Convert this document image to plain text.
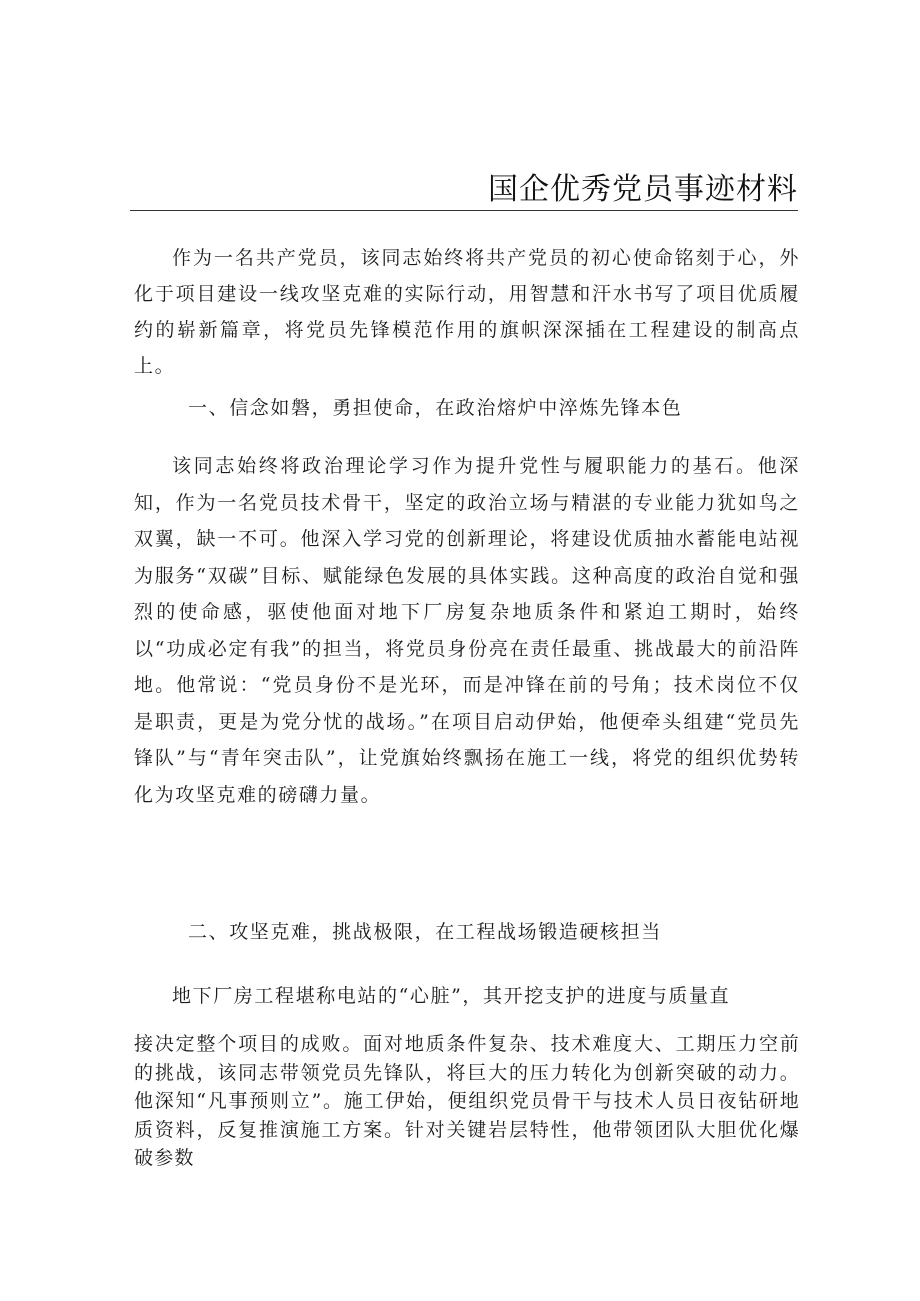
国企优秀党员事迹材料

作为一名共产党员，该同志始终将共产党员的初心使命铭刻于心，外化于项目建设一线攻坚克难的实际行动，用智慧和汗水书写了项目优质履约的崭新篇章，将党员先锋模范作用的旗帜深深插在工程建设的制高点上。

一、信念如磐，勇担使命，在政治熔炉中淬炼先锋本色

该同志始终将政治理论学习作为提升党性与履职能力的基石。他深知，作为一名党员技术骨干，坚定的政治立场与精湛的专业能力犹如鸟之双翼，缺一不可。他深入学习党的创新理论，将建设优质抽水蓄能电站视为服务“双碳”目标、赋能绿色发展的具体实践。这种高度的政治自觉和强烈的使命感，驱使他面对地下厂房复杂地质条件和紧迫工期时，始终以“功成必定有我”的担当，将党员身份亮在责任最重、挑战最大的前沿阵地。他常说：“党员身份不是光环，而是冲锋在前的号角；技术岗位不仅是职责，更是为党分忧的战场。”在项目启动伊始，他便牵头组建“党员先锋队”与“青年突击队”，让党旗始终飘扬在施工一线，将党的组织优势转化为攻坚克难的磅礴力量。

二、攻坚克难，挑战极限，在工程战场锻造硬核担当

地下厂房工程堪称电站的“心脏”，其开挖支护的进度与质量直

接决定整个项目的成败。面对地质条件复杂、技术难度大、工期压力空前的挑战，该同志带领党员先锋队，将巨大的压力转化为创新突破的动力。他深知“凡事预则立”。施工伊始，便组织党员骨干与技术人员日夜钻研地质资料，反复推演施工方案。针对关键岩层特性，他带领团队大胆优化爆破参数
